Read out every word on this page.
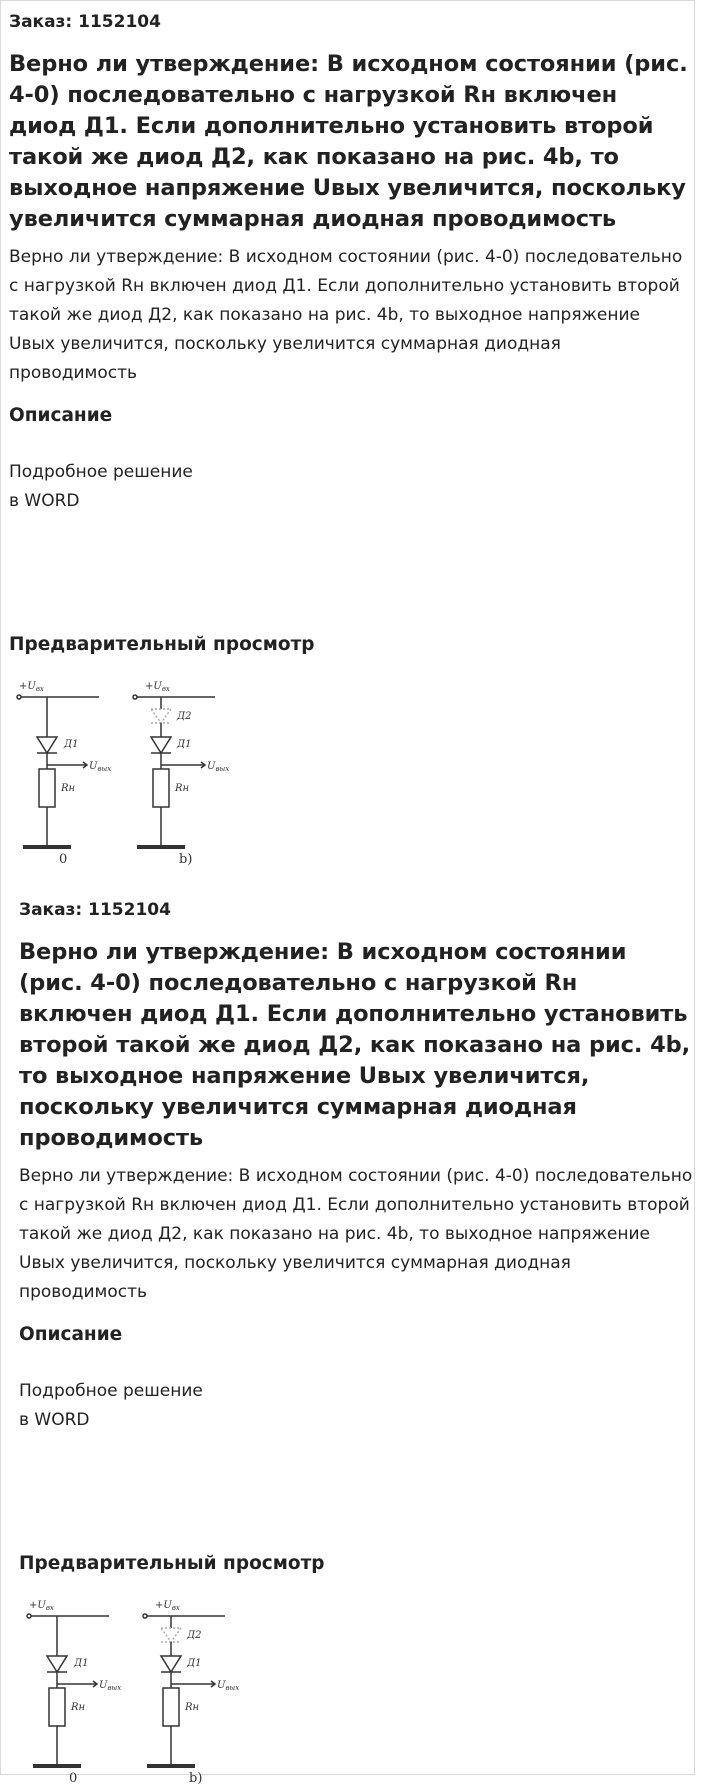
Заказ: 1152104
Верно ли утверждение: В исходном состоянии (рис. 4-0) последовательно с нагрузкой Rн включен диод Д1. Если дополнительно установить второй такой же диод Д2, как показано на рис. 4b, то выходное напряжение Uвых увеличится, поскольку увеличится суммарная диодная проводимость
Верно ли утверждение: В исходном состоянии (рис. 4-0) последовательно с нагрузкой Rн включен диод Д1. Если дополнительно установить второй такой же диод Д2, как показано на рис. 4b, то выходное напряжение Uвых увеличится, поскольку увеличится суммарная диодная проводимость
Описание
Подробное решение
в WORD
Предварительный просмотр
$+U_{вх}$
Д1
$U_{вых}$
Rн
0
$+U_{вх}$
Д2
Д1
$U_{вых}$
Rн
b)
Заказ: 1152104
Верно ли утверждение: В исходном состоянии (рис. 4-0) последовательно с нагрузкой Rн включен диод Д1. Если дополнительно установить второй такой же диод Д2, как показано на рис. 4b, то выходное напряжение Uвых увеличится, поскольку увеличится суммарная диодная проводимость
Верно ли утверждение: В исходном состоянии (рис. 4-0) последовательно с нагрузкой Rн включен диод Д1. Если дополнительно установить второй такой же диод Д2, как показано на рис. 4b, то выходное напряжение Uвых увеличится, поскольку увеличится суммарная диодная проводимость
Описание
Подробное решение
в WORD
Предварительный просмотр
$+U_{вх}$
Д1
$U_{вых}$
Rн
0
$+U_{вх}$
Д2
Д1
$U_{вых}$
Rн
b)
